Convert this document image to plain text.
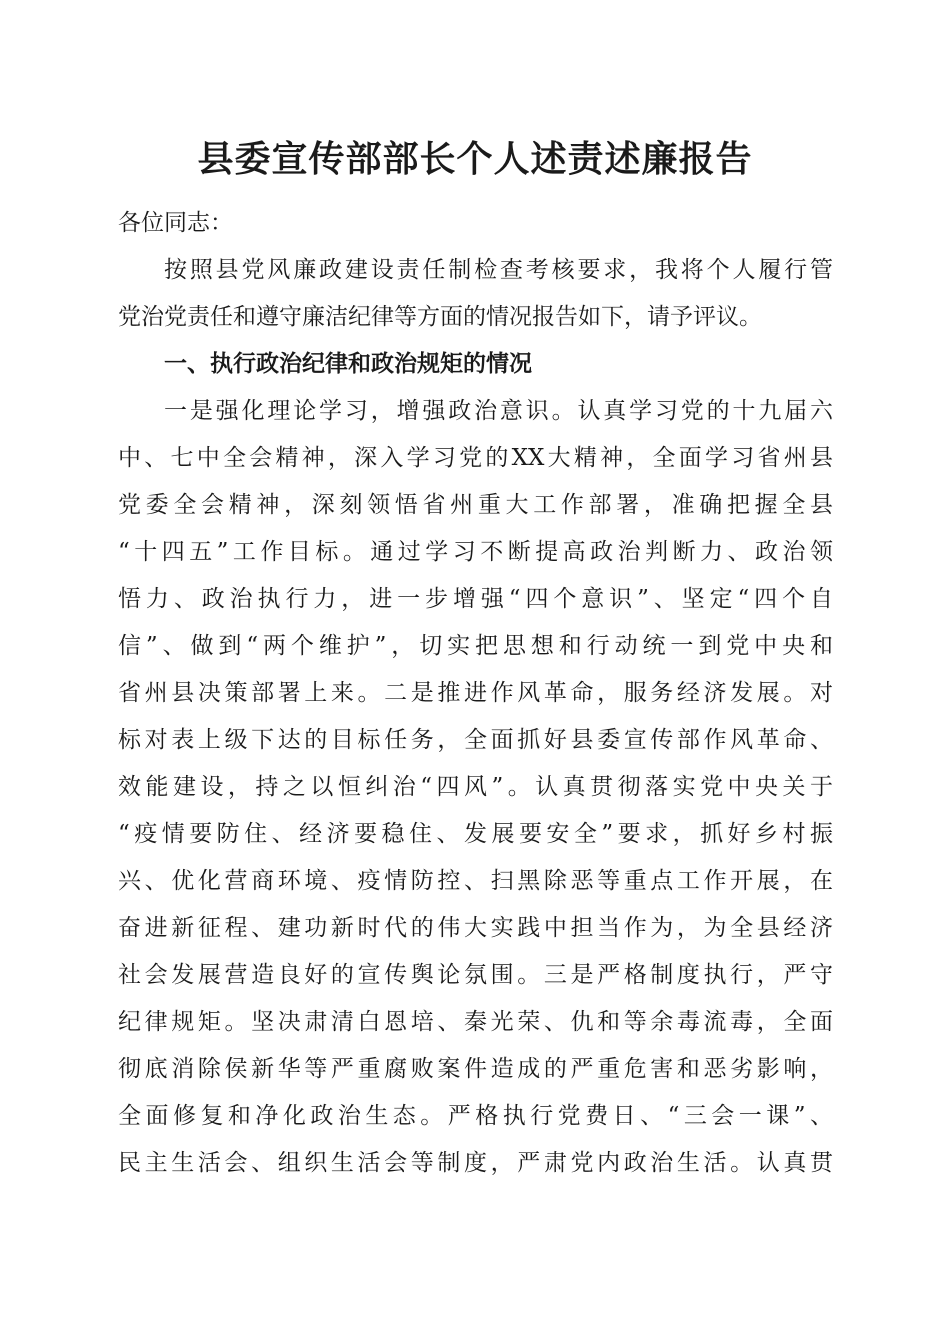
县委宣传部部长个人述责述廉报告
各位同志：
按照县党风廉政建设责任制检查考核要求，我将个人履行管
党治党责任和遵守廉洁纪律等方面的情况报告如下，请予评议。
一、执行政治纪律和政治规矩的情况
一是强化理论学习，增强政治意识。认真学习党的十九届六
中、七中全会精神，深入学习党的XX大精神，全面学习省州县
党委全会精神，深刻领悟省州重大工作部署，准确把握全县
“十四五”工作目标。通过学习不断提高政治判断力、政治领
悟力、政治执行力，进一步增强“四个意识”、坚定“四个自
信”、做到“两个维护”，切实把思想和行动统一到党中央和
省州县决策部署上来。二是推进作风革命，服务经济发展。对
标对表上级下达的目标任务，全面抓好县委宣传部作风革命、
效能建设，持之以恒纠治“四风”。认真贯彻落实党中央关于
“疫情要防住、经济要稳住、发展要安全”要求，抓好乡村振
兴、优化营商环境、疫情防控、扫黑除恶等重点工作开展，在
奋进新征程、建功新时代的伟大实践中担当作为，为全县经济
社会发展营造良好的宣传舆论氛围。三是严格制度执行，严守
纪律规矩。坚决肃清白恩培、秦光荣、仇和等余毒流毒，全面
彻底消除侯新华等严重腐败案件造成的严重危害和恶劣影响，
全面修复和净化政治生态。严格执行党费日、“三会一课”、
民主生活会、组织生活会等制度，严肃党内政治生活。认真贯
